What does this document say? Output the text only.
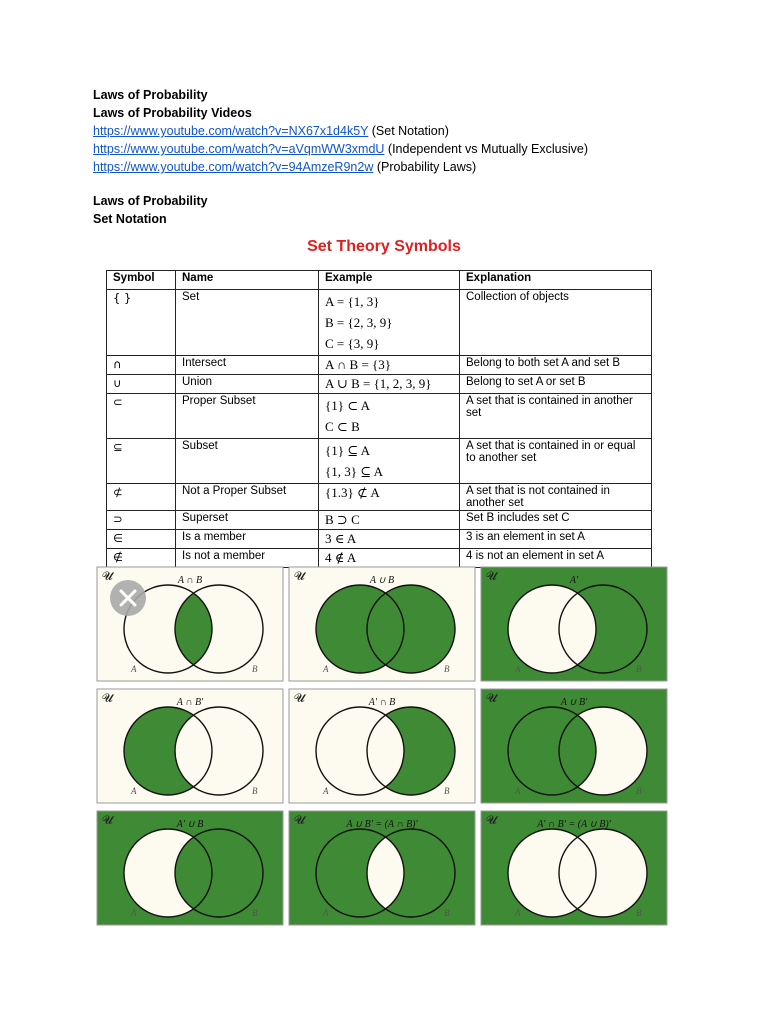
Laws of Probability
Laws of Probability Videos
https://www.youtube.com/watch?v=NX67x1d4k5Y (Set Notation)
https://www.youtube.com/watch?v=aVqmWW3xmdU (Independent vs Mutually Exclusive)
https://www.youtube.com/watch?v=94AmzeR9n2w (Probability Laws)
Laws of Probability
Set Notation
Set Theory Symbols
Symbol	Name	Example	Explanation
{ }	Set	A = {1, 3}
B = {2, 3, 9}
C = {3, 9}	Collection of objects
∩	Intersect	A ∩ B = {3}	Belong to both set A and set B
∪	Union	A ∪ B = {1, 2, 3, 9}	Belong to set A or set B
⊂	Proper Subset	{1} ⊂ A
C ⊂ B	A set that is contained in another set
⊆	Subset	{1} ⊆ A
{1, 3} ⊆ A	A set that is contained in or equal to another set
⊄	Not a Proper Subset	{1.3} ⊄ A	A set that is not contained in another set
⊃	Superset	B ⊃ C	Set B includes set C
∈	Is a member	3 ∈ A	3 is an element in set A
∉	Is not a member	4 ∉ A	4 is not an element in set A
A ∩ B
𝓤
A	B
A ∪ B
𝓤
A	B
A'
𝓤
A	B
A ∩ B'
𝓤
A	B
A' ∩ B
𝓤
A	B
A ∪ B'
𝓤
A	B
A' ∪ B
𝓤
A	B
A ∪ B' = (A ∩ B)'
𝓤
A	B
A' ∩ B' = (A ∪ B)'
𝓤
A	B
